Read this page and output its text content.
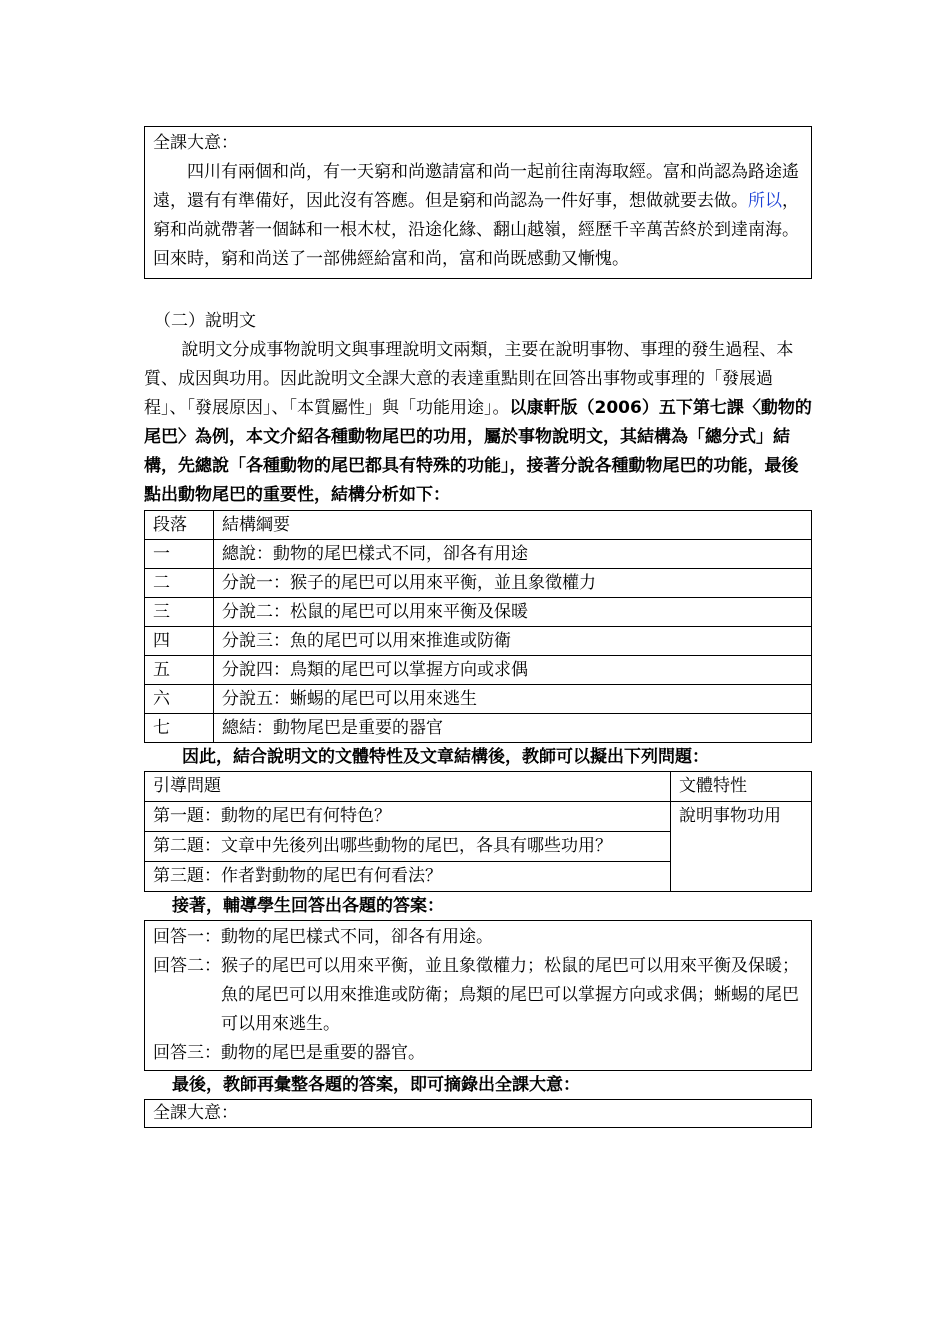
全課大意：
四川有兩個和尚，有一天窮和尚邀請富和尚一起前往南海取經。富和尚認為路途遙遠，還有有準備好，因此沒有答應。但是窮和尚認為一件好事，想做就要去做。所以，窮和尚就帶著一個缽和一根木杖，沿途化緣、翻山越嶺，經歷千辛萬苦終於到達南海。回來時，窮和尚送了一部佛經給富和尚，富和尚既感動又慚愧。
（二）說明文
說明文分成事物說明文與事理說明文兩類，主要在說明事物、事理的發生過程、本質、成因與功用。因此說明文全課大意的表達重點則在回答出事物或事理的「發展過程」、「發展原因」、「本質屬性」與「功能用途」。以康軒版（2006）五下第七課〈動物的尾巴〉為例，本文介紹各種動物尾巴的功用，屬於事物說明文，其結構為「總分式」結構，先總說「各種動物的尾巴都具有特殊的功能」，接著分說各種動物尾巴的功能，最後點出動物尾巴的重要性，結構分析如下：
段落	結構綱要
一	總說：動物的尾巴樣式不同，卻各有用途
二	分說一：猴子的尾巴可以用來平衡，並且象徵權力
三	分說二：松鼠的尾巴可以用來平衡及保暖
四	分說三：魚的尾巴可以用來推進或防衛
五	分說四：鳥類的尾巴可以掌握方向或求偶
六	分說五：蜥蜴的尾巴可以用來逃生
七	總結：動物尾巴是重要的器官
因此，結合說明文的文體特性及文章結構後，教師可以擬出下列問題：
引導問題	文體特性
第一題：動物的尾巴有何特色？	說明事物功用

第二題： 文章中先後列出哪些動物的尾巴，各具有哪些功用？	

第三題：作者對動物的尾巴有何看法？	
接著，輔導學生回答出各題的答案：
回答一： 動物的尾巴樣式不同，卻各有用途。
回答二： 猴子的尾巴可以用來平衡，並且象徵權力；松鼠的尾巴可以用來平衡及保暖；魚的尾巴可以用來推進或防衛；鳥類的尾巴可以掌握方向或求偶；蜥蜴的尾巴可以用來逃生。
回答三： 動物的尾巴是重要的器官。
最後，教師再彙整各題的答案，即可摘錄出全課大意：
全課大意：
